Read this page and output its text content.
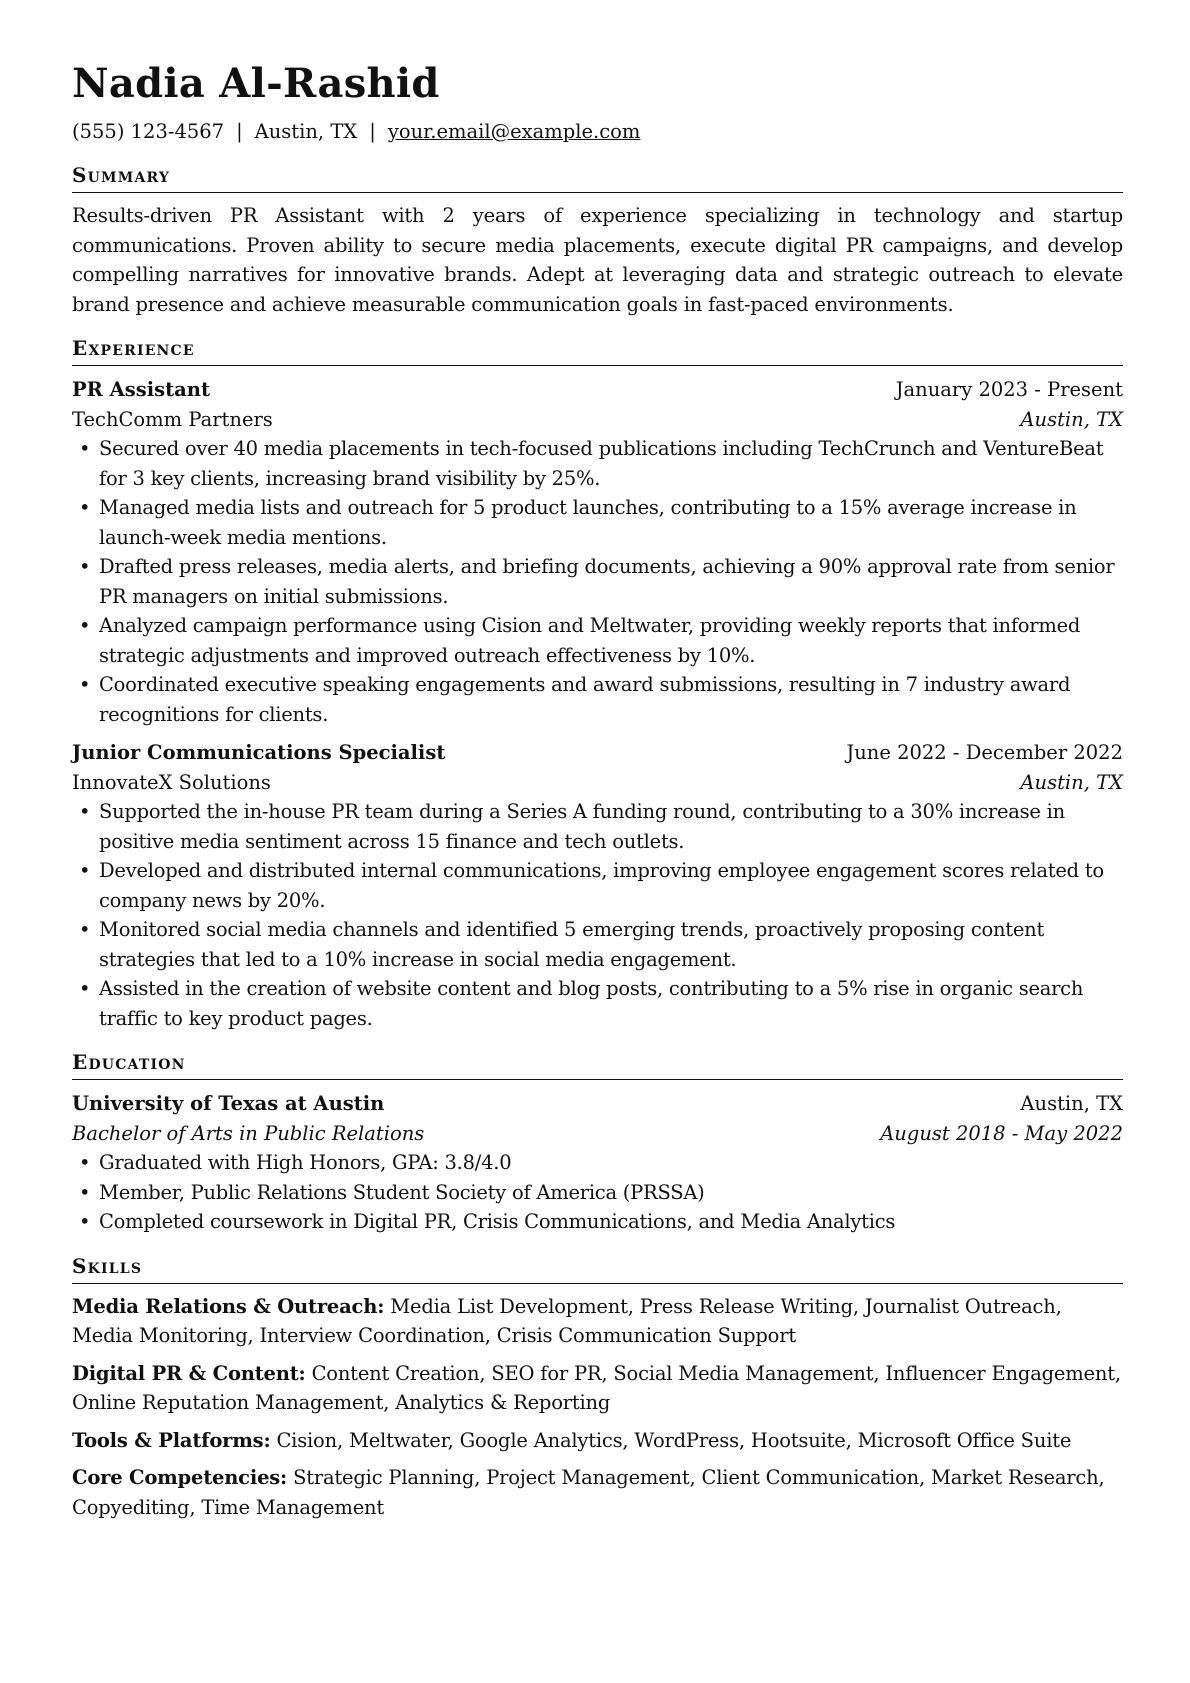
Nadia Al-Rashid
(555) 123-4567 | Austin, TX | your.email@example.com
Summary
Results-driven PR Assistant with 2 years of experience specializing in technology and startup communications. Proven ability to secure media placements, execute digital PR campaigns, and develop compelling narratives for innovative brands. Adept at leveraging data and strategic outreach to elevate brand presence and achieve measurable communication goals in fast-paced environments.
Experience
PR Assistant	January 2023 - Present
TechComm Partners	Austin, TX
• Secured over 40 media placements in tech-focused publications including TechCrunch and VentureBeat for 3 key clients, increasing brand visibility by 25%.
• Managed media lists and outreach for 5 product launches, contributing to a 15% average increase in launch-week media mentions.
• Drafted press releases, media alerts, and briefing documents, achieving a 90% approval rate from senior PR managers on initial submissions.
• Analyzed campaign performance using Cision and Meltwater, providing weekly reports that informed strategic adjustments and improved outreach effectiveness by 10%.
• Coordinated executive speaking engagements and award submissions, resulting in 7 industry award recognitions for clients.
Junior Communications Specialist	June 2022 - December 2022
InnovateX Solutions	Austin, TX
• Supported the in-house PR team during a Series A funding round, contributing to a 30% increase in positive media sentiment across 15 finance and tech outlets.
• Developed and distributed internal communications, improving employee engagement scores related to company news by 20%.
• Monitored social media channels and identified 5 emerging trends, proactively proposing content strategies that led to a 10% increase in social media engagement.
• Assisted in the creation of website content and blog posts, contributing to a 5% rise in organic search traffic to key product pages.
Education
University of Texas at Austin	Austin, TX
Bachelor of Arts in Public Relations	August 2018 - May 2022
• Graduated with High Honors, GPA: 3.8/4.0
• Member, Public Relations Student Society of America (PRSSA)
• Completed coursework in Digital PR, Crisis Communications, and Media Analytics
Skills
Media Relations & Outreach: Media List Development, Press Release Writing, Journalist Outreach, Media Monitoring, Interview Coordination, Crisis Communication Support
Digital PR & Content: Content Creation, SEO for PR, Social Media Management, Influencer Engagement, Online Reputation Management, Analytics & Reporting
Tools & Platforms: Cision, Meltwater, Google Analytics, WordPress, Hootsuite, Microsoft Office Suite
Core Competencies: Strategic Planning, Project Management, Client Communication, Market Research, Copyediting, Time Management
